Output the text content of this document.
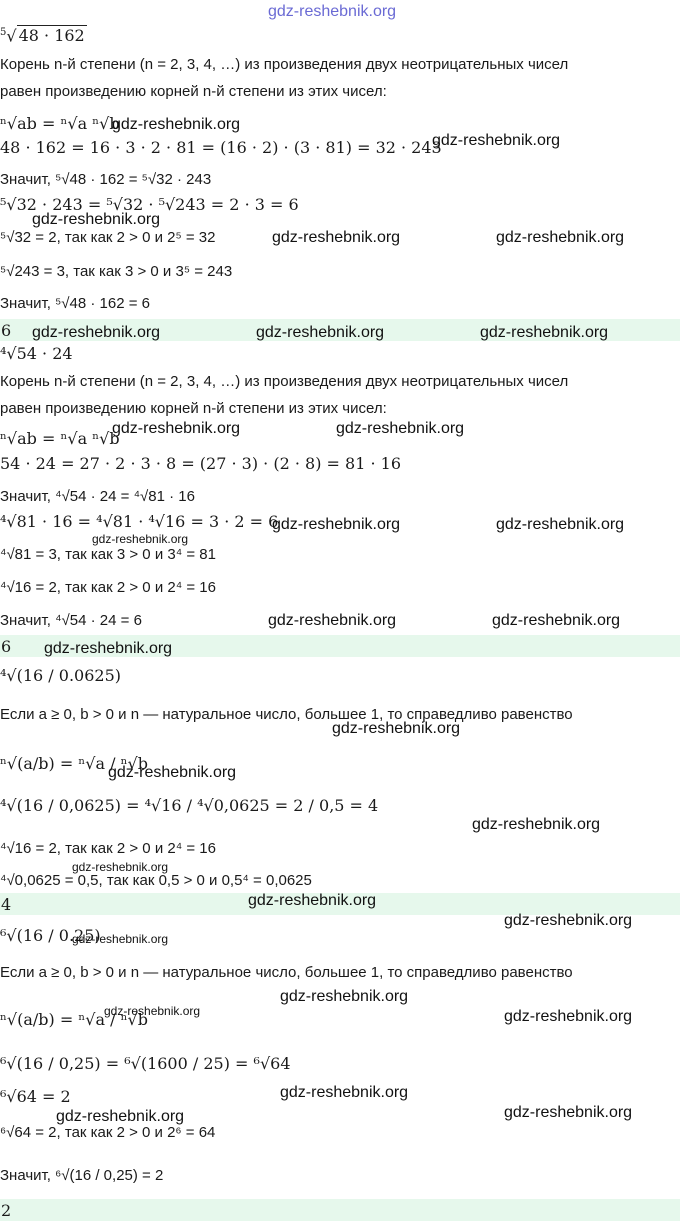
gdz-reshebnik.org
$^5$√ 48 · 162
Корень n-й степени (n = 2, 3, 4, …) из произведения двух неотрицательных чисел
равен произведению корней n-й степени из этих чисел:
ⁿ√ab = ⁿ√a ⁿ√b
48 · 162 = 16 · 3 · 2 · 81 = (16 · 2) · (3 · 81) = 32 · 243
Значит, ⁵√48 · 162 = ⁵√32 · 243
⁵√32 · 243 = ⁵√32 · ⁵√243 = 2 · 3 = 6
⁵√32 = 2, так как 2 > 0 и 2⁵ = 32
⁵√243 = 3, так как 3 > 0 и 3⁵ = 243
Значит, ⁵√48 · 162 = 6
6
⁴√54 · 24
Корень n-й степени (n = 2, 3, 4, …) из произведения двух неотрицательных чисел
равен произведению корней n-й степени из этих чисел:
ⁿ√ab = ⁿ√a ⁿ√b
54 · 24 = 27 · 2 · 3 · 8 = (27 · 3) · (2 · 8) = 81 · 16
Значит, ⁴√54 · 24 = ⁴√81 · 16
⁴√81 · 16 = ⁴√81 · ⁴√16 = 3 · 2 = 6
⁴√81 = 3, так как 3 > 0 и 3⁴ = 81
⁴√16 = 2, так как 2 > 0 и 2⁴ = 16
Значит, ⁴√54 · 24 = 6
6
⁴√(16 / 0.0625)
Если a ≥ 0, b > 0 и n — натуральное число, большее 1, то справедливо равенство
ⁿ√(a/b) = ⁿ√a / ⁿ√b
⁴√(16 / 0,0625) = ⁴√16 / ⁴√0,0625 = 2 / 0,5 = 4
⁴√16 = 2, так как 2 > 0 и 2⁴ = 16
⁴√0,0625 = 0,5, так как 0,5 > 0 и 0,5⁴ = 0,0625
4
⁶√(16 / 0.25)
Если a ≥ 0, b > 0 и n — натуральное число, большее 1, то справедливо равенство
ⁿ√(a/b) = ⁿ√a / ⁿ√b
⁶√(16 / 0,25) = ⁶√(1600 / 25) = ⁶√64
⁶√64 = 2
⁶√64 = 2, так как 2 > 0 и 2⁶ = 64
Значит, ⁶√(16 / 0,25) = 2
2
gdz-reshebnik.org
gdz-reshebnik.org
gdz-reshebnik.org
gdz-reshebnik.org	gdz-reshebnik.org
gdz-reshebnik.org	gdz-reshebnik.org	gdz-reshebnik.org
gdz-reshebnik.org	gdz-reshebnik.org
gdz-reshebnik.org	gdz-reshebnik.org
gdz-reshebnik.org
gdz-reshebnik.org	gdz-reshebnik.org
gdz-reshebnik.org
gdz-reshebnik.org
gdz-reshebnik.org
gdz-reshebnik.org
gdz-reshebnik.org
gdz-reshebnik.org
gdz-reshebnik.org
gdz-reshebnik.org
gdz-reshebnik.org
gdz-reshebnik.org	gdz-reshebnik.org
gdz-reshebnik.org
gdz-reshebnik.org
gdz-reshebnik.org
